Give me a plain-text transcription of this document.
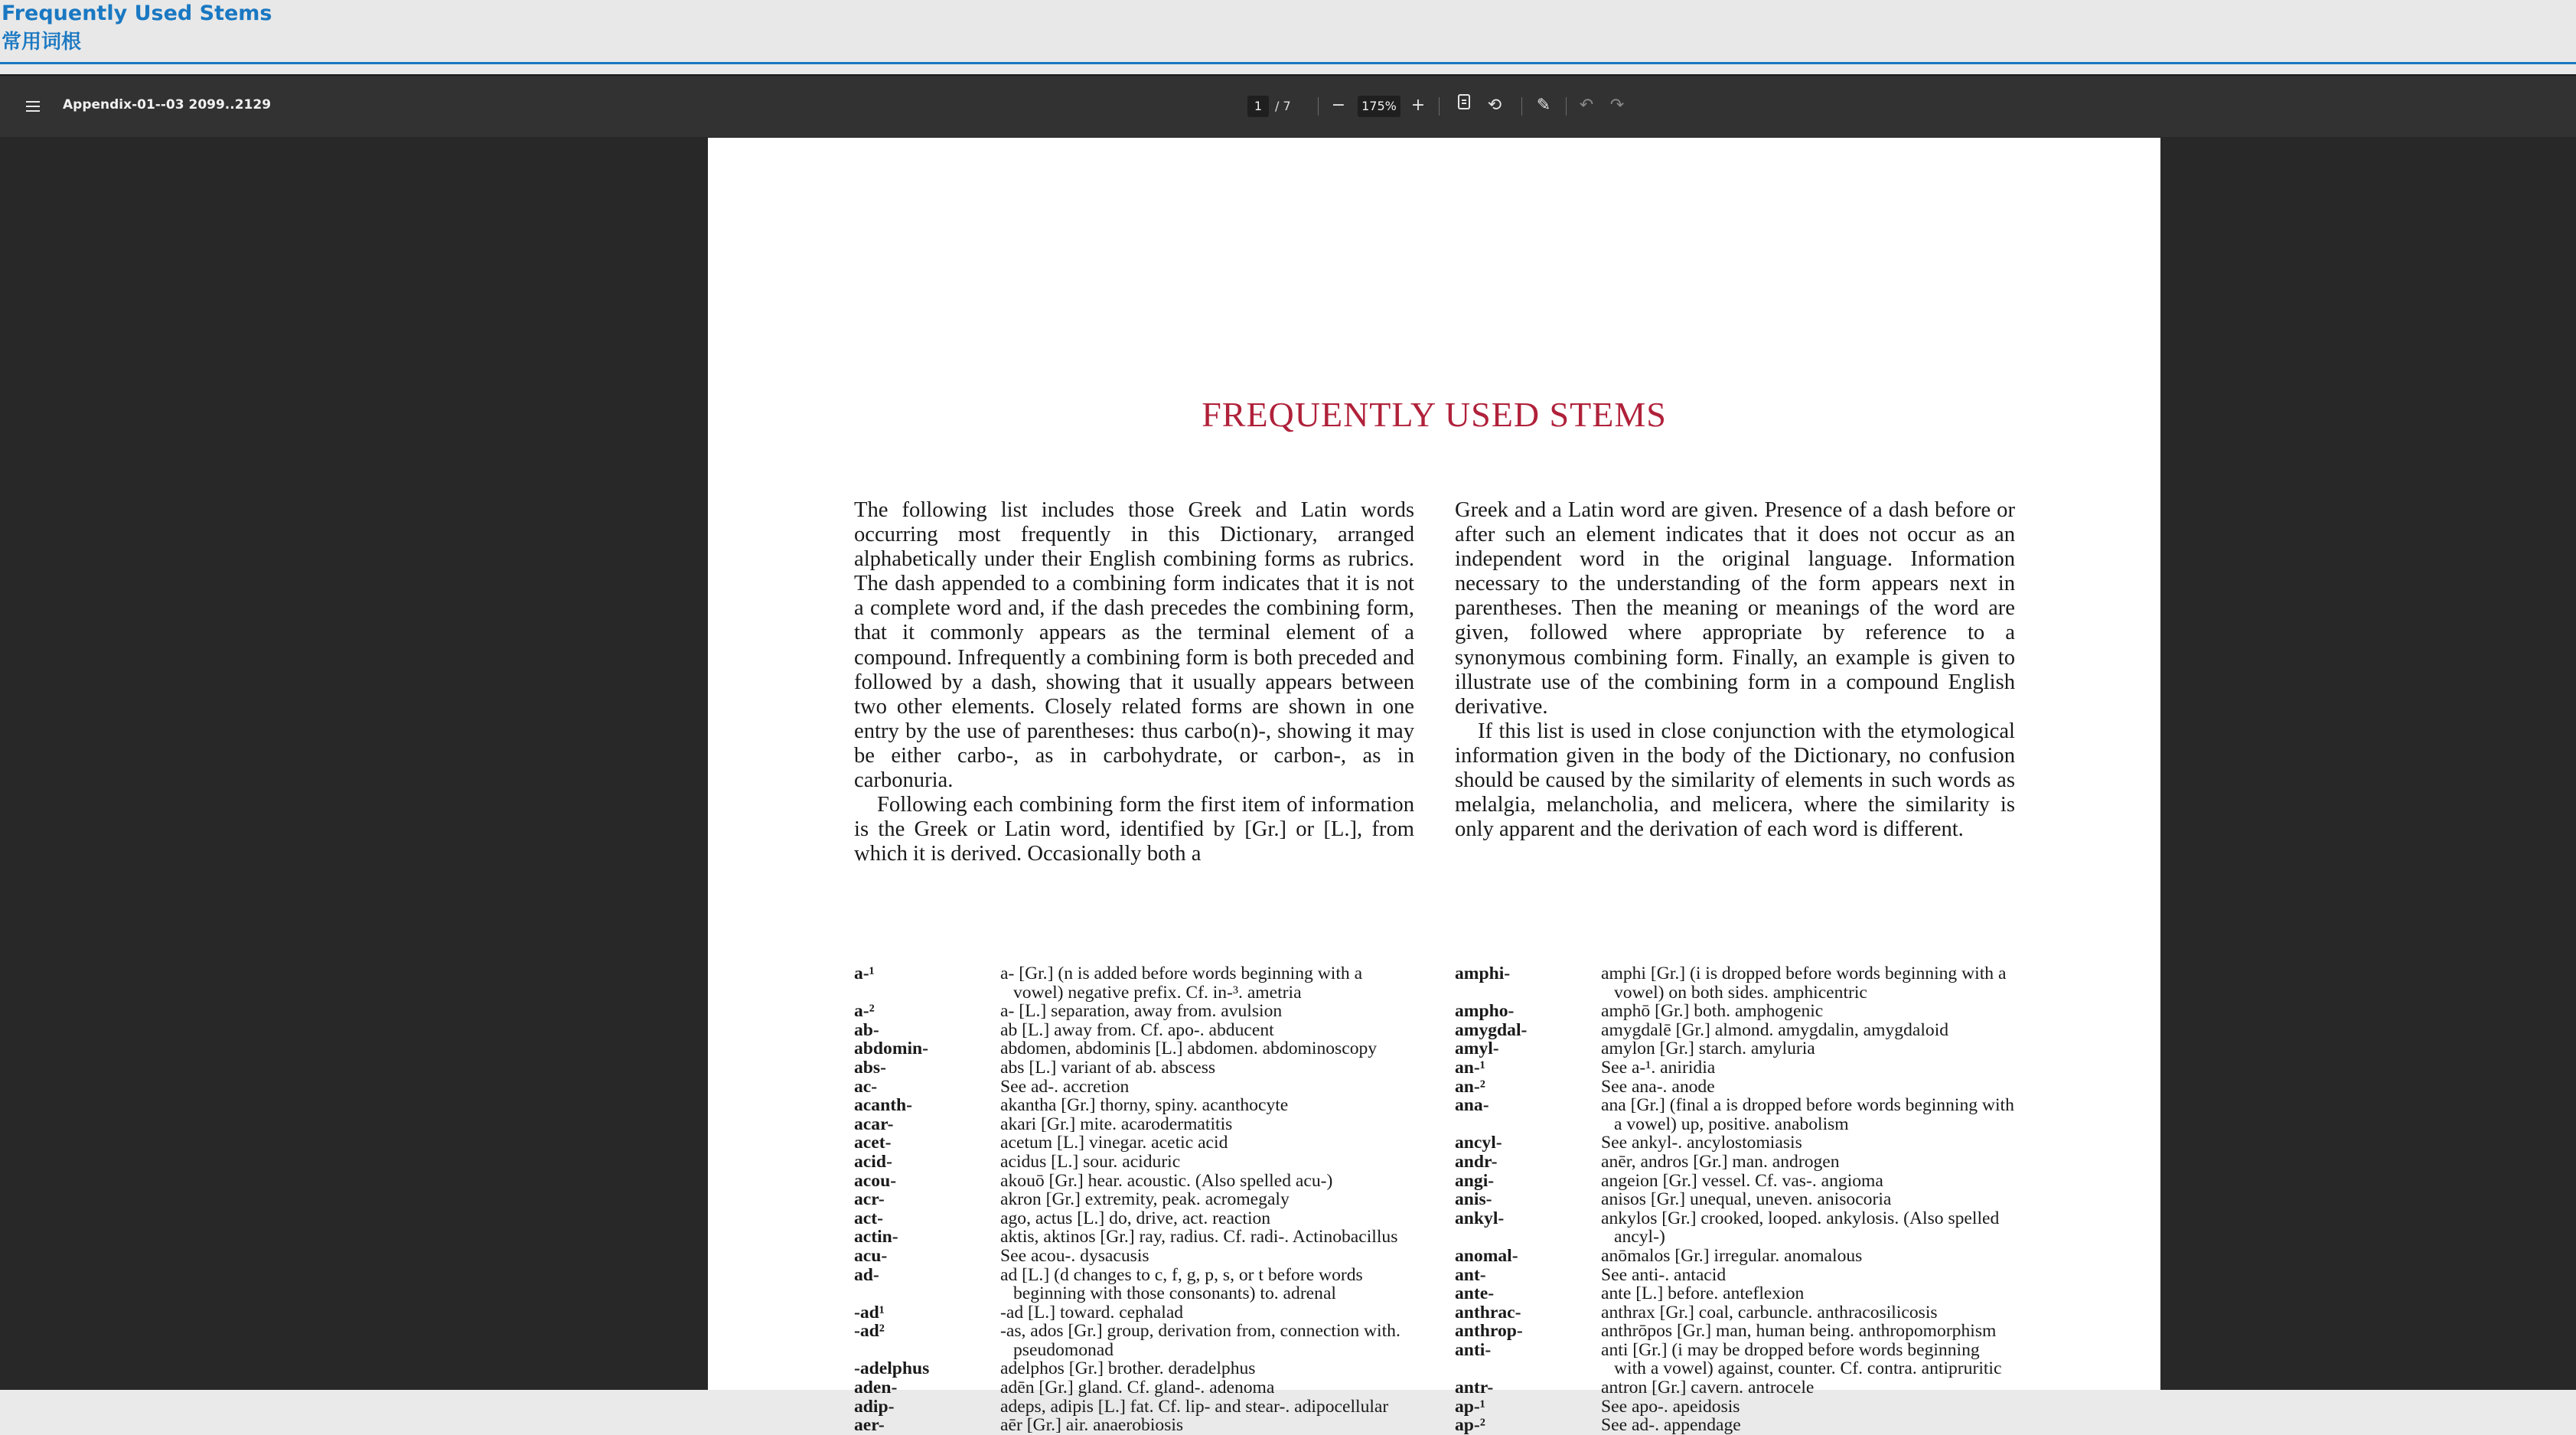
Frequently Used Stems
常用词根
Appendix-01--03 2099..2129	1	/ 7	−	175% +	⟲	✎	↶ ↷
FREQUENTLY USED STEMS

The following list includes those Greek and Latin words occurring most frequently in this Dictionary, arranged alphabetically under their English combining forms as rubrics. The dash appended to a combining form indicates that it is not a complete word and, if the dash precedes the combining form, that it commonly appears as the terminal element of a compound. Infrequently a combining form is both preceded and followed by a dash, showing that it usually appears between two other elements. Closely related forms are shown in one entry by the use of parentheses: thus carbo(n)-, showing it may be either carbo-, as in carbohydrate, or carbon-, as in carbonuria.

Following each combining form the first item of information is the Greek or Latin word, identified by [Gr.] or [L.], from which it is derived. Occasionally both a

Greek and a Latin word are given. Presence of a dash before or after such an element indicates that it does not occur as an independent word in the original language. Information necessary to the understanding of the form appears next in parentheses. Then the meaning or meanings of the word are given, followed where appropriate by reference to a synonymous combining form. Finally, an example is given to illustrate use of the combining form in a compound English derivative.

If this list is used in close conjunction with the etymological information given in the body of the Dictionary, no confusion should be caused by the similarity of elements in such words as melalgia, melancholia, and melicera, where the similarity is only apparent and the derivation of each word is different.

a-¹	a- [Gr.] (n is added before words beginning with a vowel) negative prefix. Cf. in-³. ametria
a-²	a- [L.] separation, away from. avulsion
ab-	ab [L.] away from. Cf. apo-. abducent
abdomin-	abdomen, abdominis [L.] abdomen. abdominoscopy
abs-	abs [L.] variant of ab. abscess
ac-	See ad-. accretion
acanth-	akantha [Gr.] thorny, spiny. acanthocyte
acar-	akari [Gr.] mite. acarodermatitis
acet-	acetum [L.] vinegar. acetic acid
acid-	acidus [L.] sour. aciduric
acou-	akouō [Gr.] hear. acoustic. (Also spelled acu-)
acr-	akron [Gr.] extremity, peak. acromegaly
act-	ago, actus [L.] do, drive, act. reaction
actin-	aktis, aktinos [Gr.] ray, radius. Cf. radi-. Actinobacillus
acu-	See acou-. dysacusis
ad-	ad [L.] (d changes to c, f, g, p, s, or t before words beginning with those consonants) to. adrenal
-ad¹	-ad [L.] toward. cephalad
-ad²	-as, ados [Gr.] group, derivation from, connection with. pseudomonad
-adelphus	adelphos [Gr.] brother. deradelphus
aden-	adēn [Gr.] gland. Cf. gland-. adenoma
adip-	adeps, adipis [L.] fat. Cf. lip- and stear-. adipocellular
aer-	aēr [Gr.] air. anaerobiosis
amphi-	amphi [Gr.] (i is dropped before words beginning with a vowel) on both sides. amphicentric
ampho-	amphō [Gr.] both. amphogenic
amygdal-	amygdalē [Gr.] almond. amygdalin, amygdaloid
amyl-	amylon [Gr.] starch. amyluria
an-¹	See a-¹. aniridia
an-²	See ana-. anode
ana-	ana [Gr.] (final a is dropped before words beginning with a vowel) up, positive. anabolism
ancyl-	See ankyl-. ancylostomiasis
andr-	anēr, andros [Gr.] man. androgen
angi-	angeion [Gr.] vessel. Cf. vas-. angioma
anis-	anisos [Gr.] unequal, uneven. anisocoria
ankyl-	ankylos [Gr.] crooked, looped. ankylosis. (Also spelled ancyl-)
anomal-	anōmalos [Gr.] irregular. anomalous
ant-	See anti-. antacid
ante-	ante [L.] before. anteflexion
anthrac-	anthrax [Gr.] coal, carbuncle. anthracosilicosis
anthrop-	anthrōpos [Gr.] man, human being. anthropomorphism
anti-	anti [Gr.] (i may be dropped before words beginning with a vowel) against, counter. Cf. contra. antipruritic
antr-	antron [Gr.] cavern. antrocele
ap-¹	See apo-. apeidosis
ap-²	See ad-. appendage
